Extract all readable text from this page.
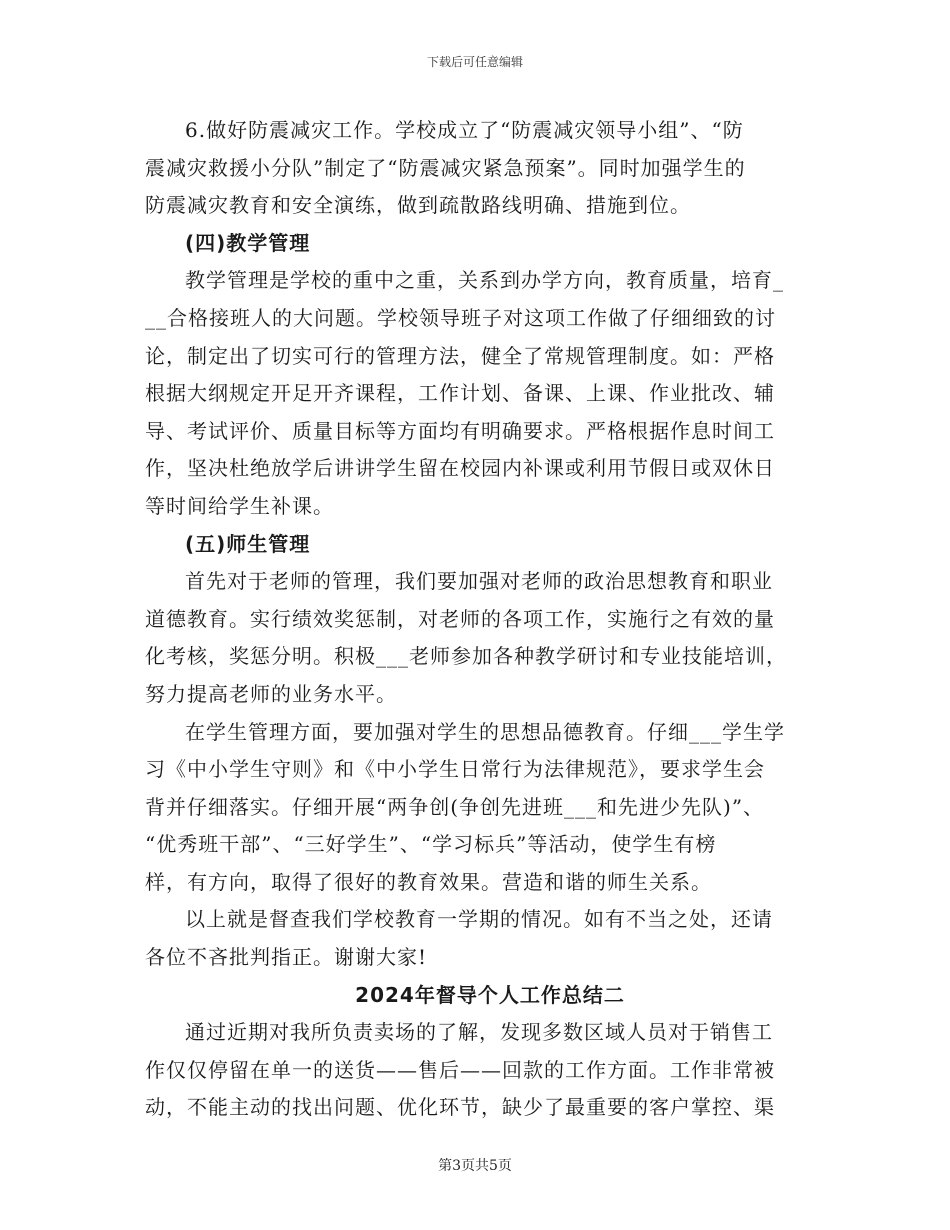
下载后可任意编辑
6.做好防震减灾工作。学校成立了“防震减灾领导小组”、“防
震减灾救援小分队”制定了“防震减灾紧急预案”。同时加强学生的
防震减灾教育和安全演练，做到疏散路线明确、措施到位。
(四)教学管理
教学管理是学校的重中之重，关系到办学方向，教育质量，培育_
__合格接班人的大问题。学校领导班子对这项工作做了仔细细致的讨
论，制定出了切实可行的管理方法，健全了常规管理制度。如：严格
根据大纲规定开足开齐课程，工作计划、备课、上课、作业批改、辅
导、考试评价、质量目标等方面均有明确要求。严格根据作息时间工
作，坚决杜绝放学后讲讲学生留在校园内补课或利用节假日或双休日
等时间给学生补课。
(五)师生管理
首先对于老师的管理，我们要加强对老师的政治思想教育和职业
道德教育。实行绩效奖惩制，对老师的各项工作，实施行之有效的量
化考核，奖惩分明。积极___老师参加各种教学研讨和专业技能培训，
努力提高老师的业务水平。
在学生管理方面，要加强对学生的思想品德教育。仔细___学生学
习《中小学生守则》和《中小学生日常行为法律规范》，要求学生会
背并仔细落实。仔细开展“两争创(争创先进班___和先进少先队)”、
“优秀班干部”、“三好学生”、“学习标兵”等活动，使学生有榜
样，有方向，取得了很好的教育效果。营造和谐的师生关系。
以上就是督查我们学校教育一学期的情况。如有不当之处，还请
各位不吝批判指正。谢谢大家!
2024年督导个人工作总结二
通过近期对我所负责卖场的了解，发现多数区域人员对于销售工
作仅仅停留在单一的送货——售后——回款的工作方面。工作非常被
动，不能主动的找出问题、优化环节，缺少了最重要的客户掌控、渠
第3页共5页
